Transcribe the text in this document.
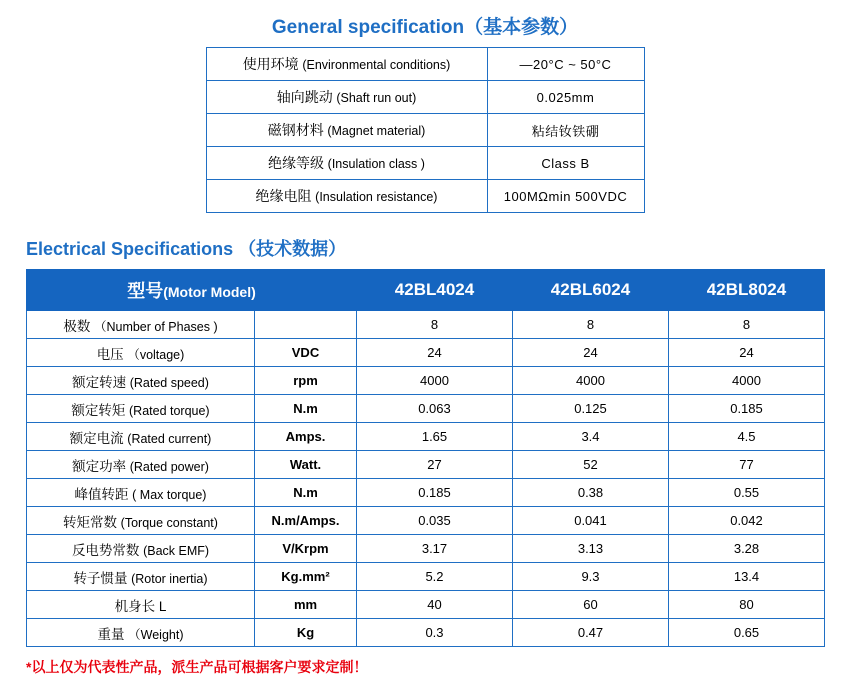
General specification（基本参数）
使用环境 (Environmental conditions)	—20°C ~ 50°C
轴向跳动 (Shaft run out)	0.025mm
磁钢材料 (Magnet material)	粘结钕铁硼
绝缘等级 (Insulation class )	Class B
绝缘电阻 (Insulation resistance)	100MΩmin 500VDC
Electrical Specifications （技术数据）
型号(Motor Model)		42BL4024	42BL6024	42BL8024
极数 （Number of Phases )		8	8	8
电压 （voltage)	VDC	24	24	24
额定转速 (Rated speed)	rpm	4000	4000	4000
额定转矩 (Rated torque)	N.m	0.063	0.125	0.185
额定电流 (Rated current)	Amps.	1.65	3.4	4.5
额定功率 (Rated power)	Watt.	27	52	77
峰值转距 ( Max torque)	N.m	0.185	0.38	0.55
转矩常数 (Torque constant)	N.m/Amps.	0.035	0.041	0.042
反电势常数 (Back EMF)	V/Krpm	3.17	3.13	3.28
转子惯量 (Rotor inertia)	Kg.mm²	5.2	9.3	13.4
机身长 L	mm	40	60	80
重量 （Weight)	Kg	0.3	0.47	0.65
*以上仅为代表性产品，派生产品可根据客户要求定制！
